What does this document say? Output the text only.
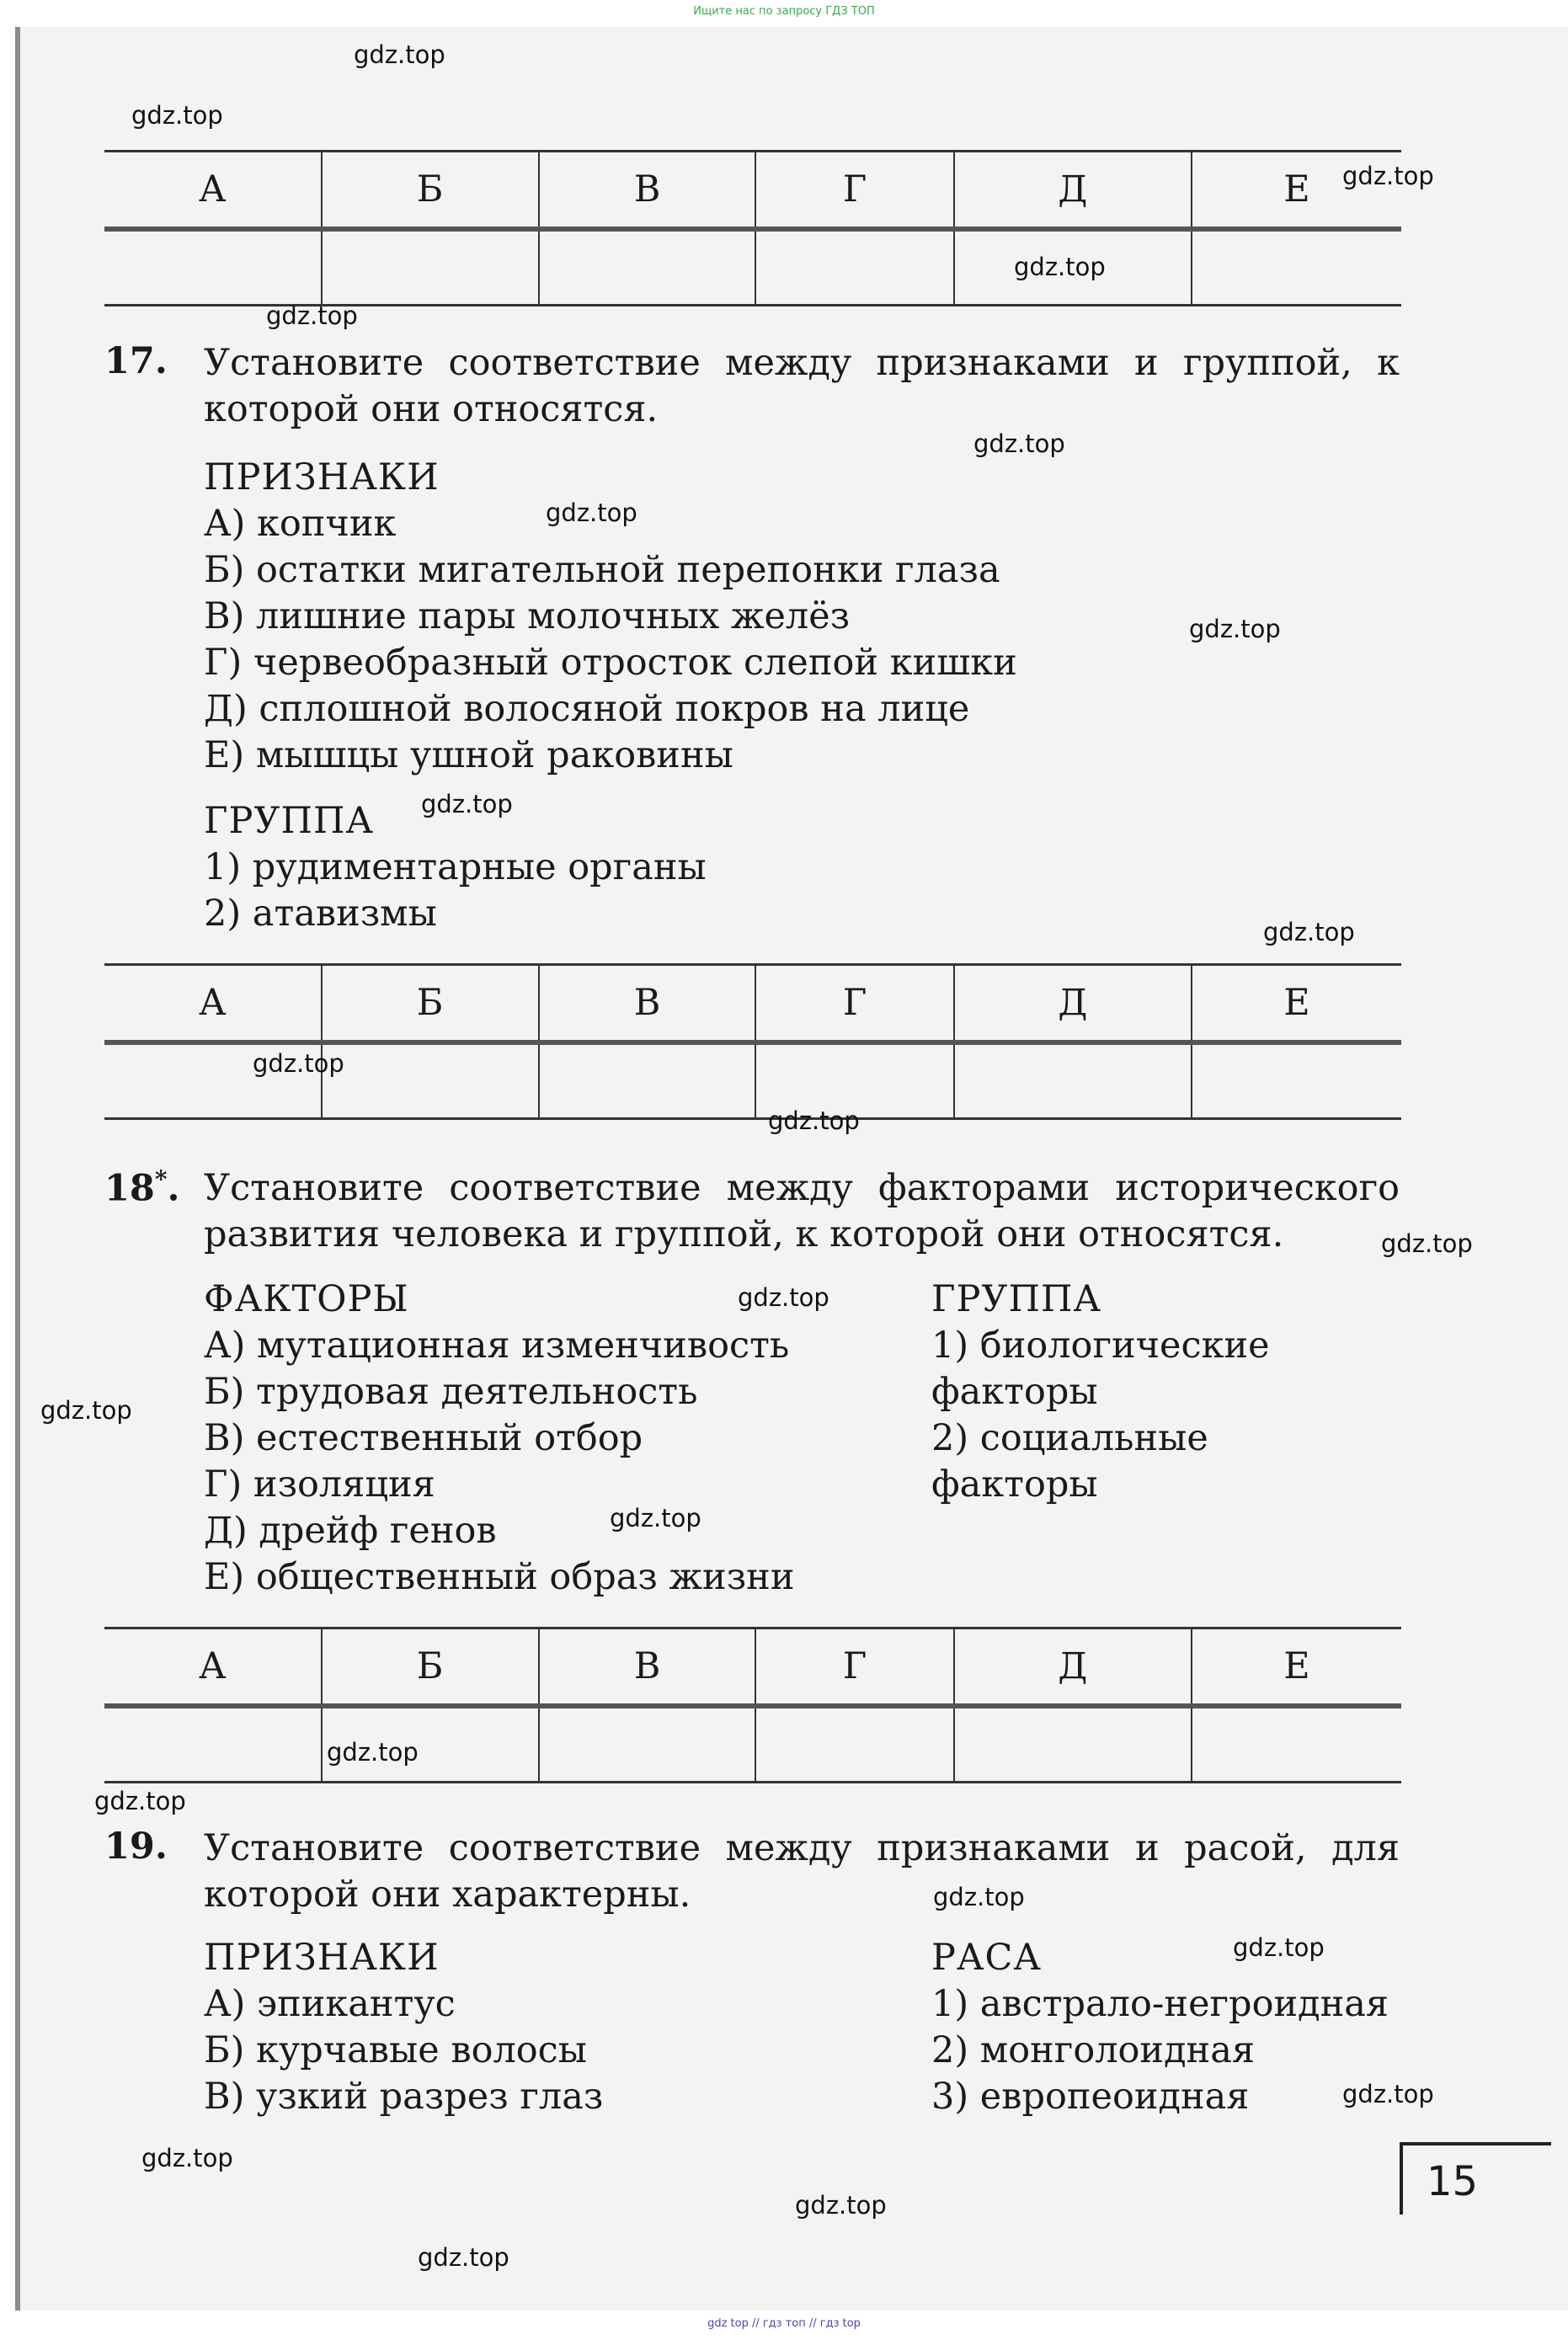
Ищите нас по запросу ГДЗ ТОП
А	Б	В	Г	Д	Е

17. Установите соответствие между признаками и группой, к которой они относятся.
ПРИЗНАКИ
А) копчик
Б) остатки мигательной перепонки глаза
В) лишние пары молочных желёз
Г) червеобразный отросток слепой кишки
Д) сплошной волосяной покров на лице
Е) мышцы ушной раковины
ГРУППА
1) рудиментарные органы
2) атавизмы
А	Б	В	Г	Д	Е

18*. Установите соответствие между факторами исторического развития человека и группой, к которой они относятся.
ФАКТОРЫ
А) мутационная изменчивость
Б) трудовая деятельность
В) естественный отбор
Г) изоляция
Д) дрейф генов
Е) общественный образ жизни
ГРУППА
1) биологические
факторы
2) социальные
факторы
А	Б	В	Г	Д	Е

19. Установите соответствие между признаками и расой, для которой они характерны.
ПРИЗНАКИ
А) эпикантус
Б) курчавые волосы
В) узкий разрез глаз
РАСА
1) австрало-негроидная
2) монголоидная
3) европеоидная
15
gdz.top
gdz.top
gdz.top
gdz.top
gdz.top
gdz.top
gdz.top
gdz.top
gdz.top
gdz.top
gdz.top
gdz.top
gdz.top
gdz.top
gdz.top
gdz.top
gdz.top
gdz.top
gdz.top
gdz.top
gdz.top
gdz.top
gdz.top
gdz.top
gdz top // гдз топ // гдз top
